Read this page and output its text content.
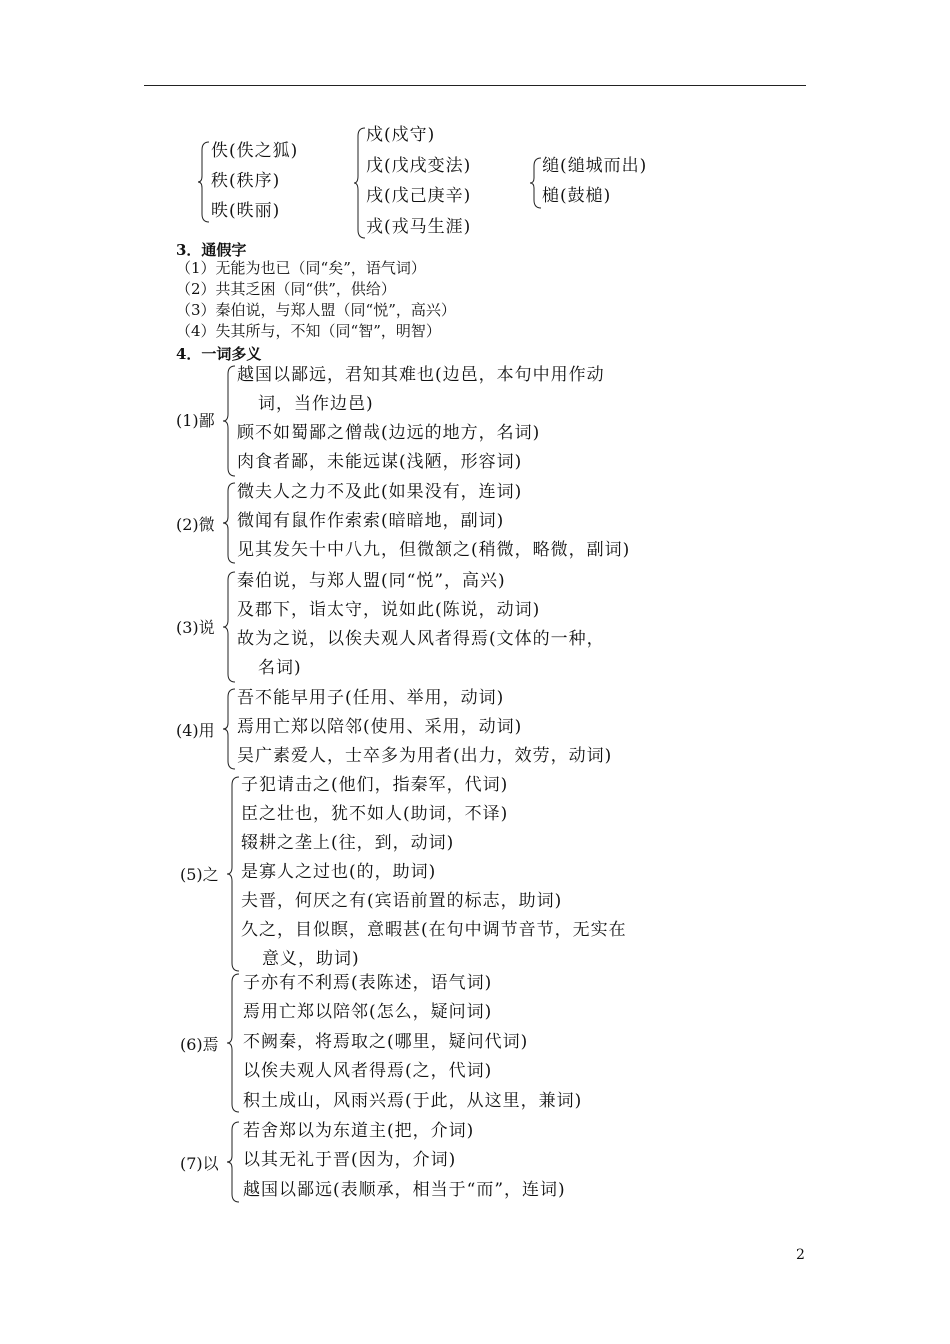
佚(佚之狐)
秩(秩序)
昳(昳丽)
戍(戍守)
戊(戊戌变法)
戌(戊己庚辛)
戎(戎马生涯)
缒(缒城而出)
槌(鼓槌)
3．通假字
（1）无能为也已（同“矣”，语气词）
（2）共其乏困（同“供”，供给）
（3）秦伯说，与郑人盟（同“悦”，高兴）
（4）失其所与，不知（同“智”，明智）
4．一词多义
(1)鄙
越国以鄙远，君知其难也(边邑，本句中用作动
词，当作边邑)
顾不如蜀鄙之僧哉(边远的地方，名词)
肉食者鄙，未能远谋(浅陋，形容词)
(2)微
微夫人之力不及此(如果没有，连词)
微闻有鼠作作索索(暗暗地，副词)
见其发矢十中八九，但微颔之(稍微，略微，副词)
(3)说
秦伯说，与郑人盟(同“悦”，高兴)
及郡下，诣太守，说如此(陈说，动词)
故为之说，以俟夫观人风者得焉(文体的一种，
名词)
(4)用
吾不能早用子(任用、举用，动词)
焉用亡郑以陪邻(使用、采用，动词)
吴广素爱人，士卒多为用者(出力，效劳，动词)
(5)之
子犯请击之(他们，指秦军，代词)
臣之壮也，犹不如人(助词，不译)
辍耕之垄上(往，到，动词)
是寡人之过也(的，助词)
夫晋，何厌之有(宾语前置的标志，助词)
久之，目似瞑，意暇甚(在句中调节音节，无实在
意义，助词)
(6)焉
子亦有不利焉(表陈述，语气词)
焉用亡郑以陪邻(怎么，疑问词)
不阙秦，将焉取之(哪里，疑问代词)
以俟夫观人风者得焉(之，代词)
积土成山，风雨兴焉(于此，从这里，兼词)
(7)以
若舍郑以为东道主(把，介词)
以其无礼于晋(因为，介词)
越国以鄙远(表顺承，相当于“而”，连词)
2
